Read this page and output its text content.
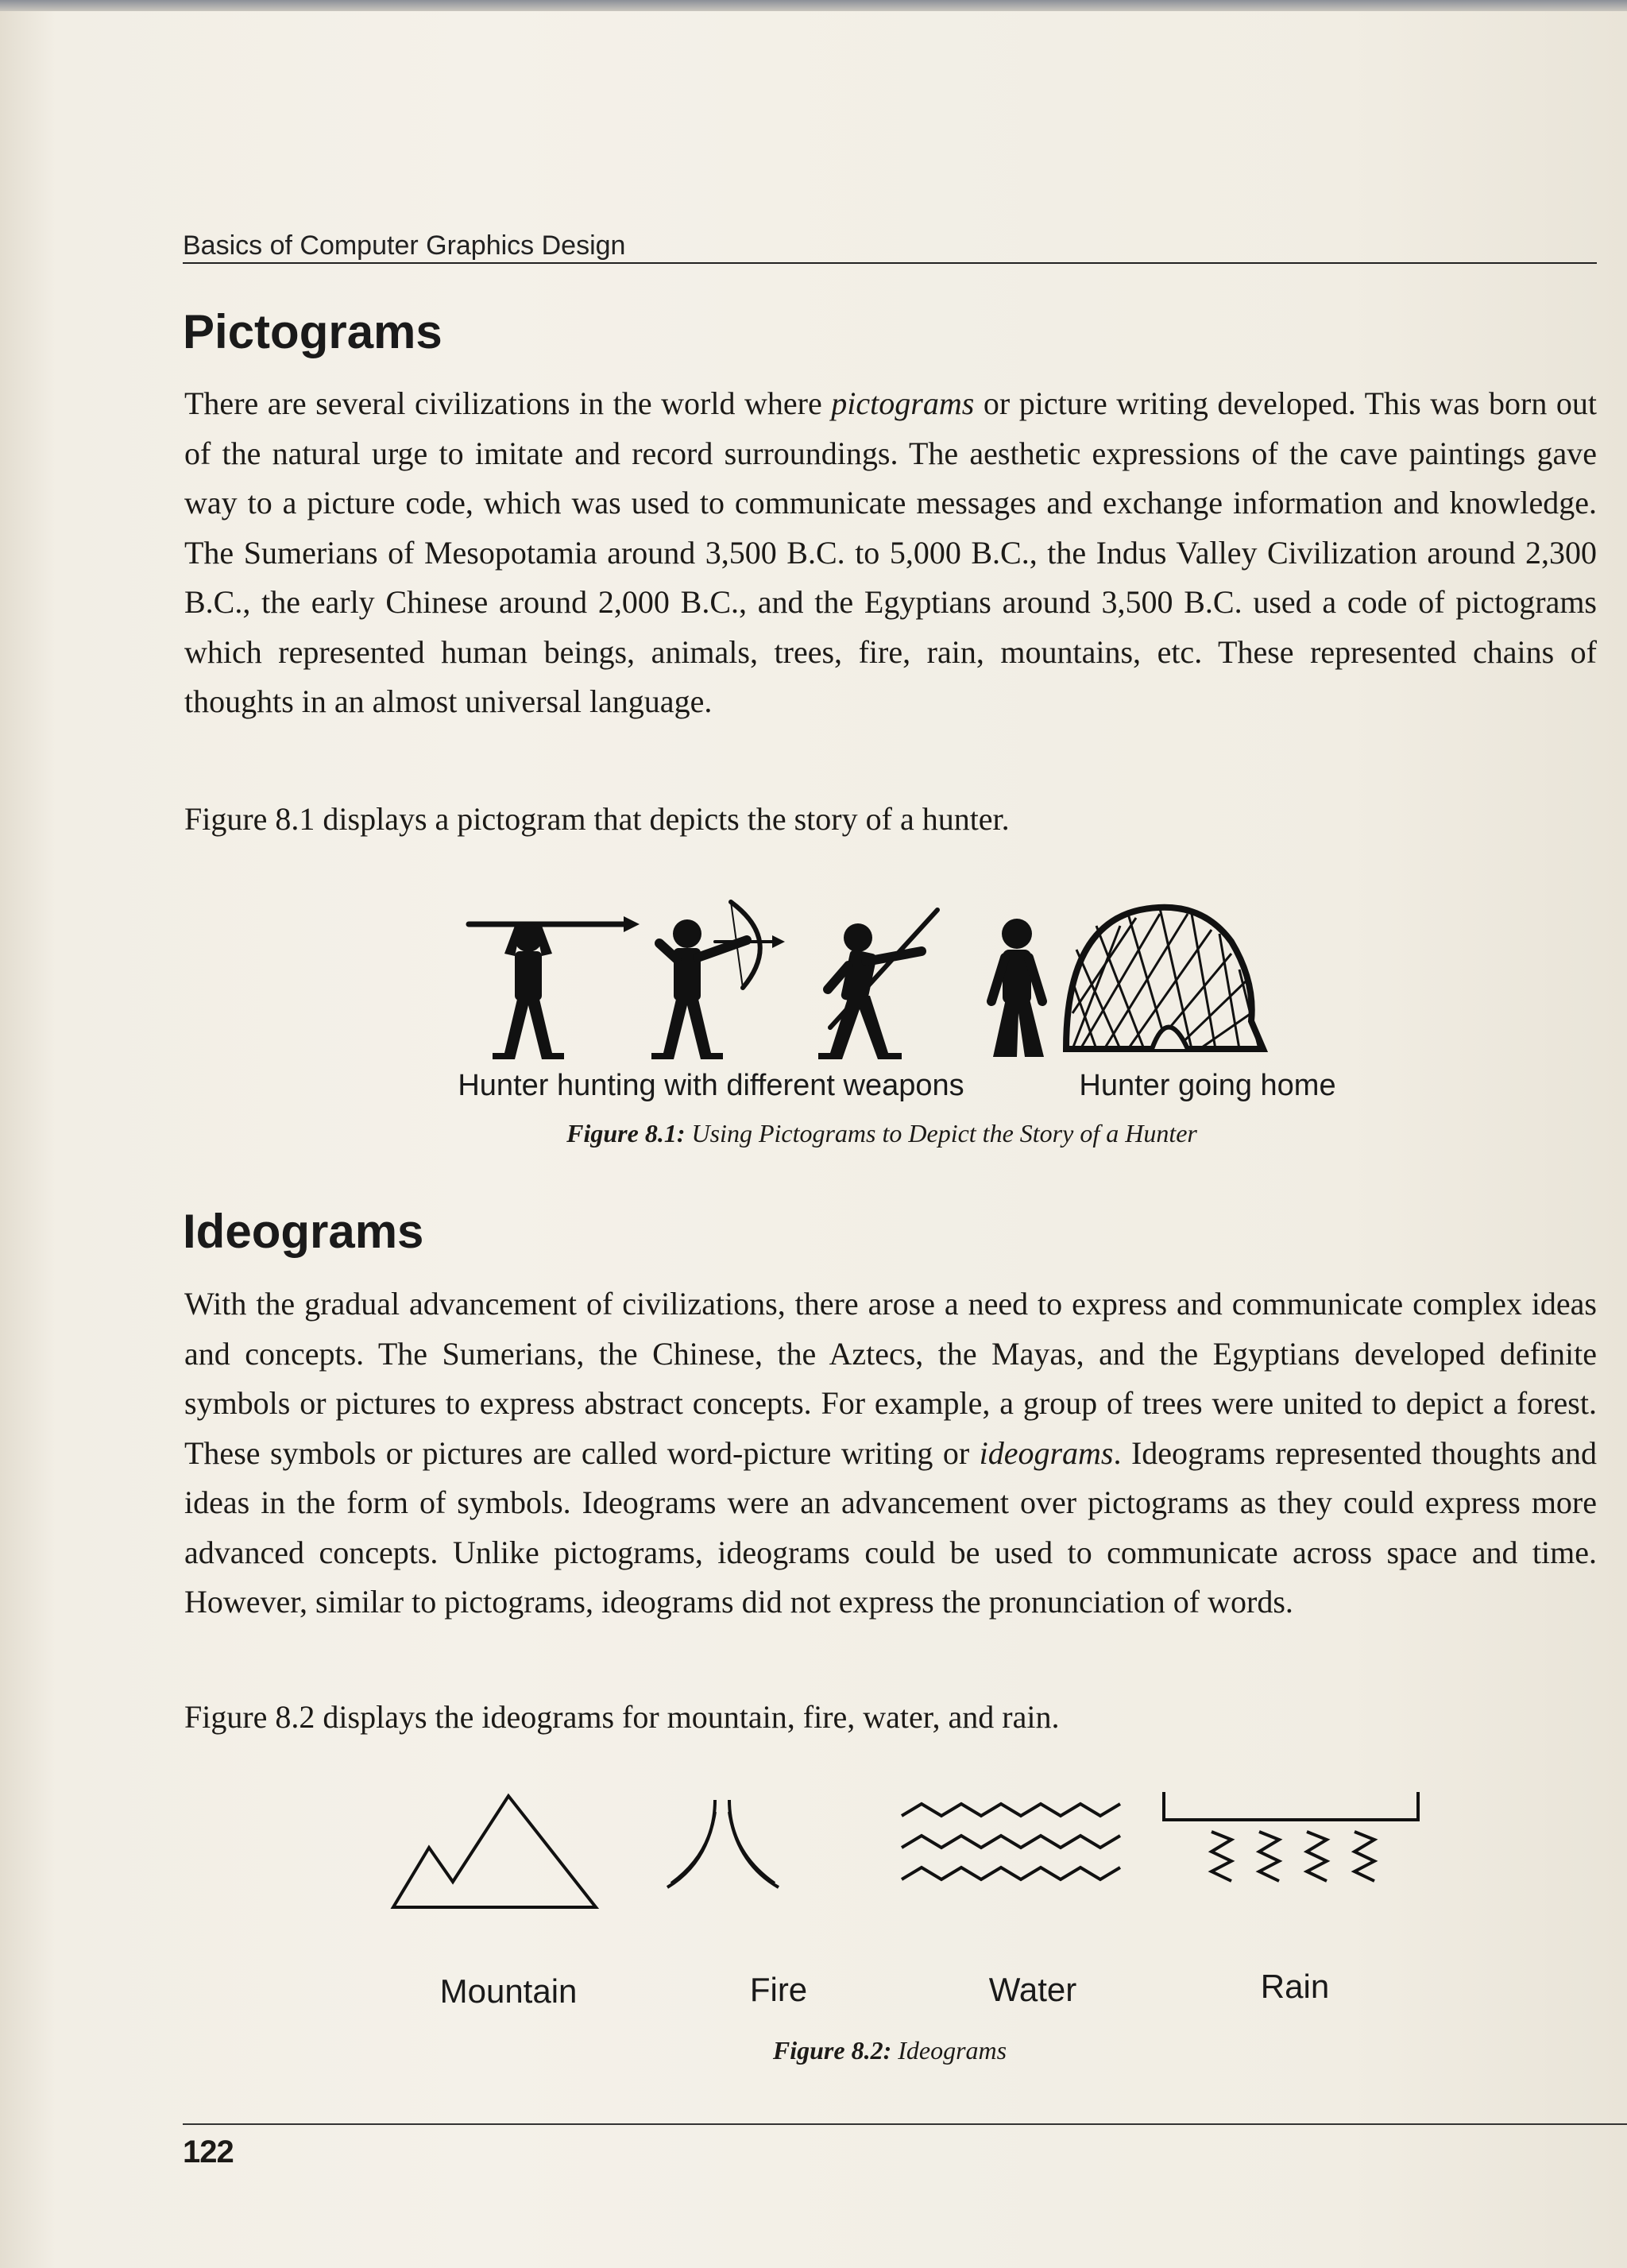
Basics of Computer Graphics Design
Pictograms

There are several civilizations in the world where pictograms or picture writing developed. This was born out of the natural urge to imitate and record surroundings. The aesthetic expressions of the cave paintings gave way to a picture code, which was used to communicate messages and exchange information and knowledge. The Sumerians of Mesopotamia around 3,500 B.C. to 5,000 B.C., the Indus Valley Civilization around 2,300 B.C., the early Chinese around 2,000 B.C., and the Egyptians around 3,500 B.C. used a code of pictograms which represented human beings, animals, trees, fire, rain, mountains, etc. These represented chains of thoughts in an almost universal language.

Figure 8.1 displays a pictogram that depicts the story of a hunter.

Hunter hunting with different weapons	Hunter going home

Figure 8.1: Using Pictograms to Depict the Story of a Hunter

Ideograms

With the gradual advancement of civilizations, there arose a need to express and communicate complex ideas and concepts. The Sumerians, the Chinese, the Aztecs, the Mayas, and the Egyptians developed definite symbols or pictures to express abstract concepts. For example, a group of trees were united to depict a forest. These symbols or pictures are called word-picture writing or ideograms. Ideograms represented thoughts and ideas in the form of symbols. Ideograms were an advancement over pictograms as they could express more advanced concepts. Unlike pictograms, ideograms could be used to communicate across space and time. However, similar to pictograms, ideograms did not express the pronunciation of words.

Figure 8.2 displays the ideograms for mountain, fire, water, and rain.

Mountain	Fire	Water	Rain

Figure 8.2: Ideograms

122
